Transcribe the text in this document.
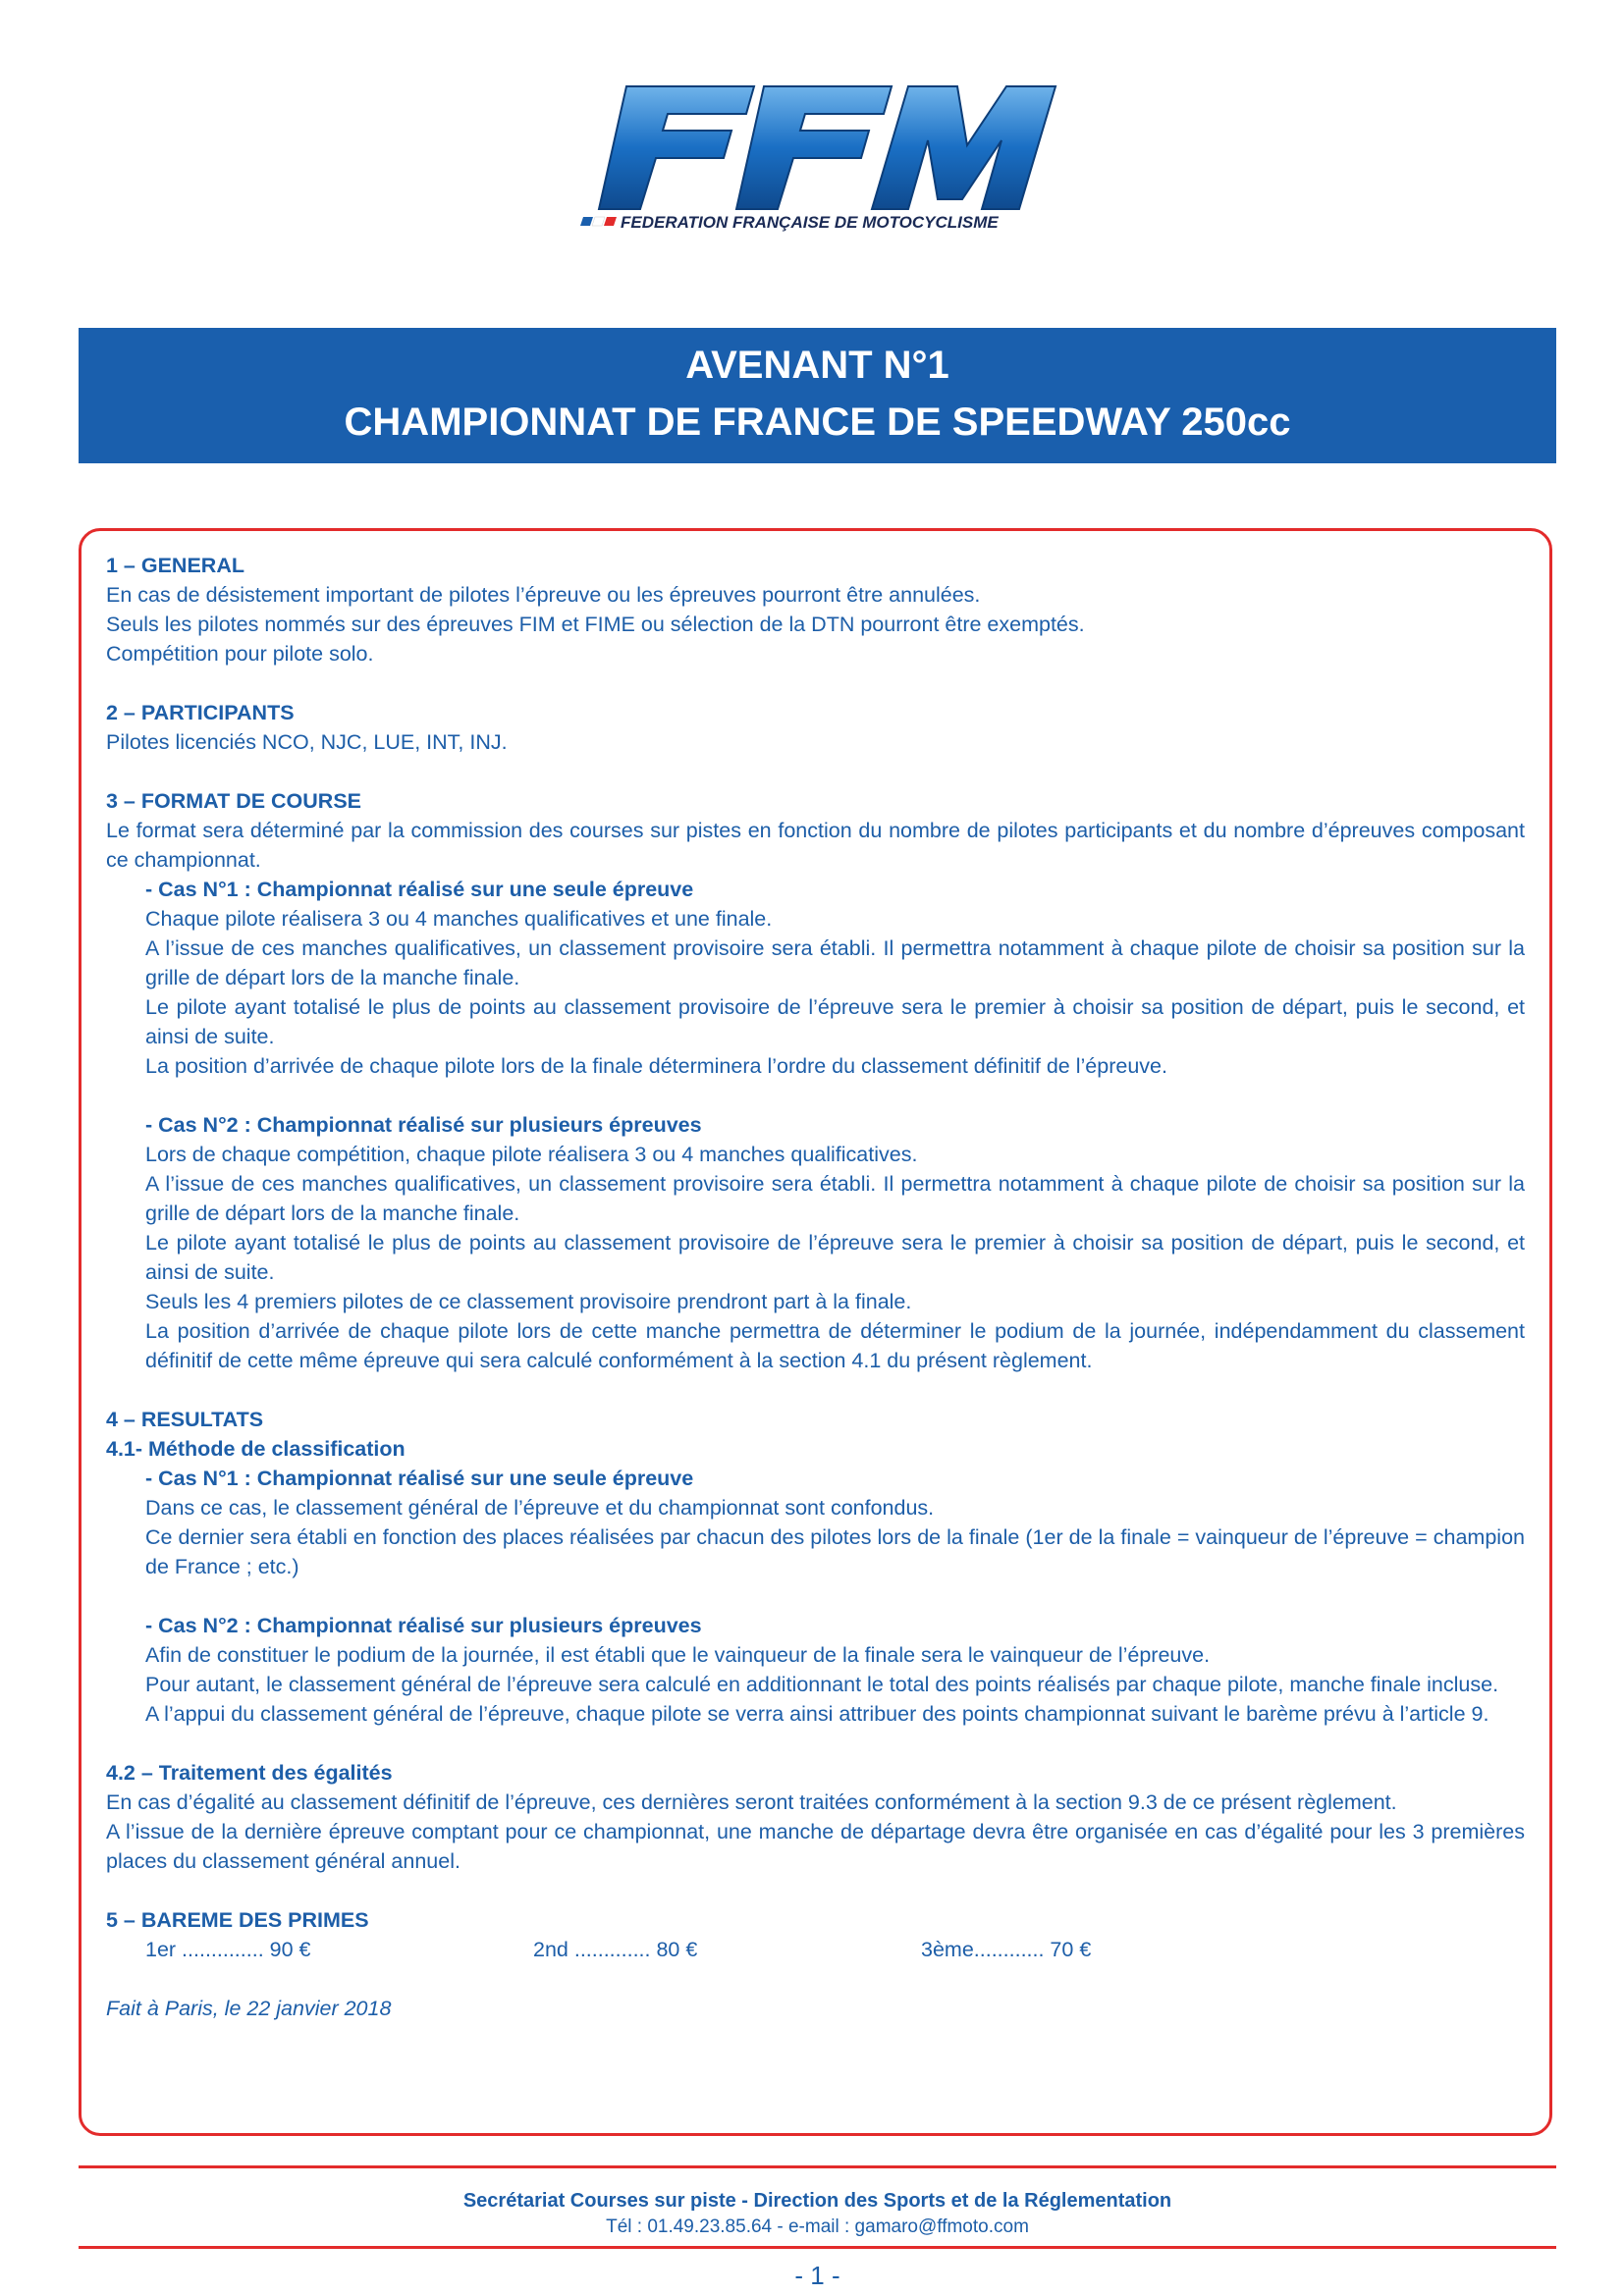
FEDERATION FRANÇAISE DE MOTOCYCLISME
AVENANT N°1
CHAMPIONNAT DE FRANCE DE SPEEDWAY 250cc

1 – GENERAL

En cas de désistement important de pilotes l’épreuve ou les épreuves pourront être annulées.

Seuls les pilotes nommés sur des épreuves FIM et FIME ou sélection de la DTN pourront être exemptés.

Compétition pour pilote solo.

2 – PARTICIPANTS

Pilotes licenciés NCO, NJC, LUE, INT, INJ.

3 – FORMAT DE COURSE

Le format sera déterminé par la commission des courses sur pistes en fonction du nombre de pilotes participants et du nombre d’épreuves composant ce championnat.

- Cas N°1 : Championnat réalisé sur une seule épreuve

Chaque pilote réalisera 3 ou 4 manches qualificatives et une finale.

A l’issue de ces manches qualificatives, un classement provisoire sera établi. Il permettra notamment à chaque pilote de choisir sa position sur la grille de départ lors de la manche finale.

Le pilote ayant totalisé le plus de points au classement provisoire de l’épreuve sera le premier à choisir sa position de départ, puis le second, et ainsi de suite.

La position d’arrivée de chaque pilote lors de la finale déterminera l’ordre du classement définitif de l’épreuve.

- Cas N°2 : Championnat réalisé sur plusieurs épreuves

Lors de chaque compétition, chaque pilote réalisera 3 ou 4 manches qualificatives.

A l’issue de ces manches qualificatives, un classement provisoire sera établi. Il permettra notamment à chaque pilote de choisir sa position sur la grille de départ lors de la manche finale.

Le pilote ayant totalisé le plus de points au classement provisoire de l’épreuve sera le premier à choisir sa position de départ, puis le second, et ainsi de suite.

Seuls les 4 premiers pilotes de ce classement provisoire prendront part à la finale.

La position d’arrivée de chaque pilote lors de cette manche permettra de déterminer le podium de la journée, indépendamment du classement définitif de cette même épreuve qui sera calculé conformément à la section 4.1 du présent règlement.

4 – RESULTATS

4.1- Méthode de classification

- Cas N°1 : Championnat réalisé sur une seule épreuve

Dans ce cas, le classement général de l’épreuve et du championnat sont confondus.

Ce dernier sera établi en fonction des places réalisées par chacun des pilotes lors de la finale (1er de la finale = vainqueur de l’épreuve = champion de France ; etc.)

- Cas N°2 : Championnat réalisé sur plusieurs épreuves

Afin de constituer le podium de la journée, il est établi que le vainqueur de la finale sera le vainqueur de l’épreuve.

Pour autant, le classement général de l’épreuve sera calculé en additionnant le total des points réalisés par chaque pilote, manche finale incluse.

A l’appui du classement général de l’épreuve, chaque pilote se verra ainsi attribuer des points championnat suivant le barème prévu à l’article 9.

4.2 – Traitement des égalités

En cas d’égalité au classement définitif de l’épreuve, ces dernières seront traitées conformément à la section 9.3 de ce présent règlement.

A l’issue de la dernière épreuve comptant pour ce championnat, une manche de départage devra être organisée en cas d’égalité pour les 3 premières places du classement général annuel.

5 – BAREME DES PRIMES

1er .............. 90 €	2nd ............. 80 €	3ème............ 70 €

Fait à Paris, le 22 janvier 2018

Secrétariat Courses sur piste - Direction des Sports et de la Réglementation
Tél : 01.49.23.85.64 - e-mail : gamaro@ffmoto.com
- 1 -
